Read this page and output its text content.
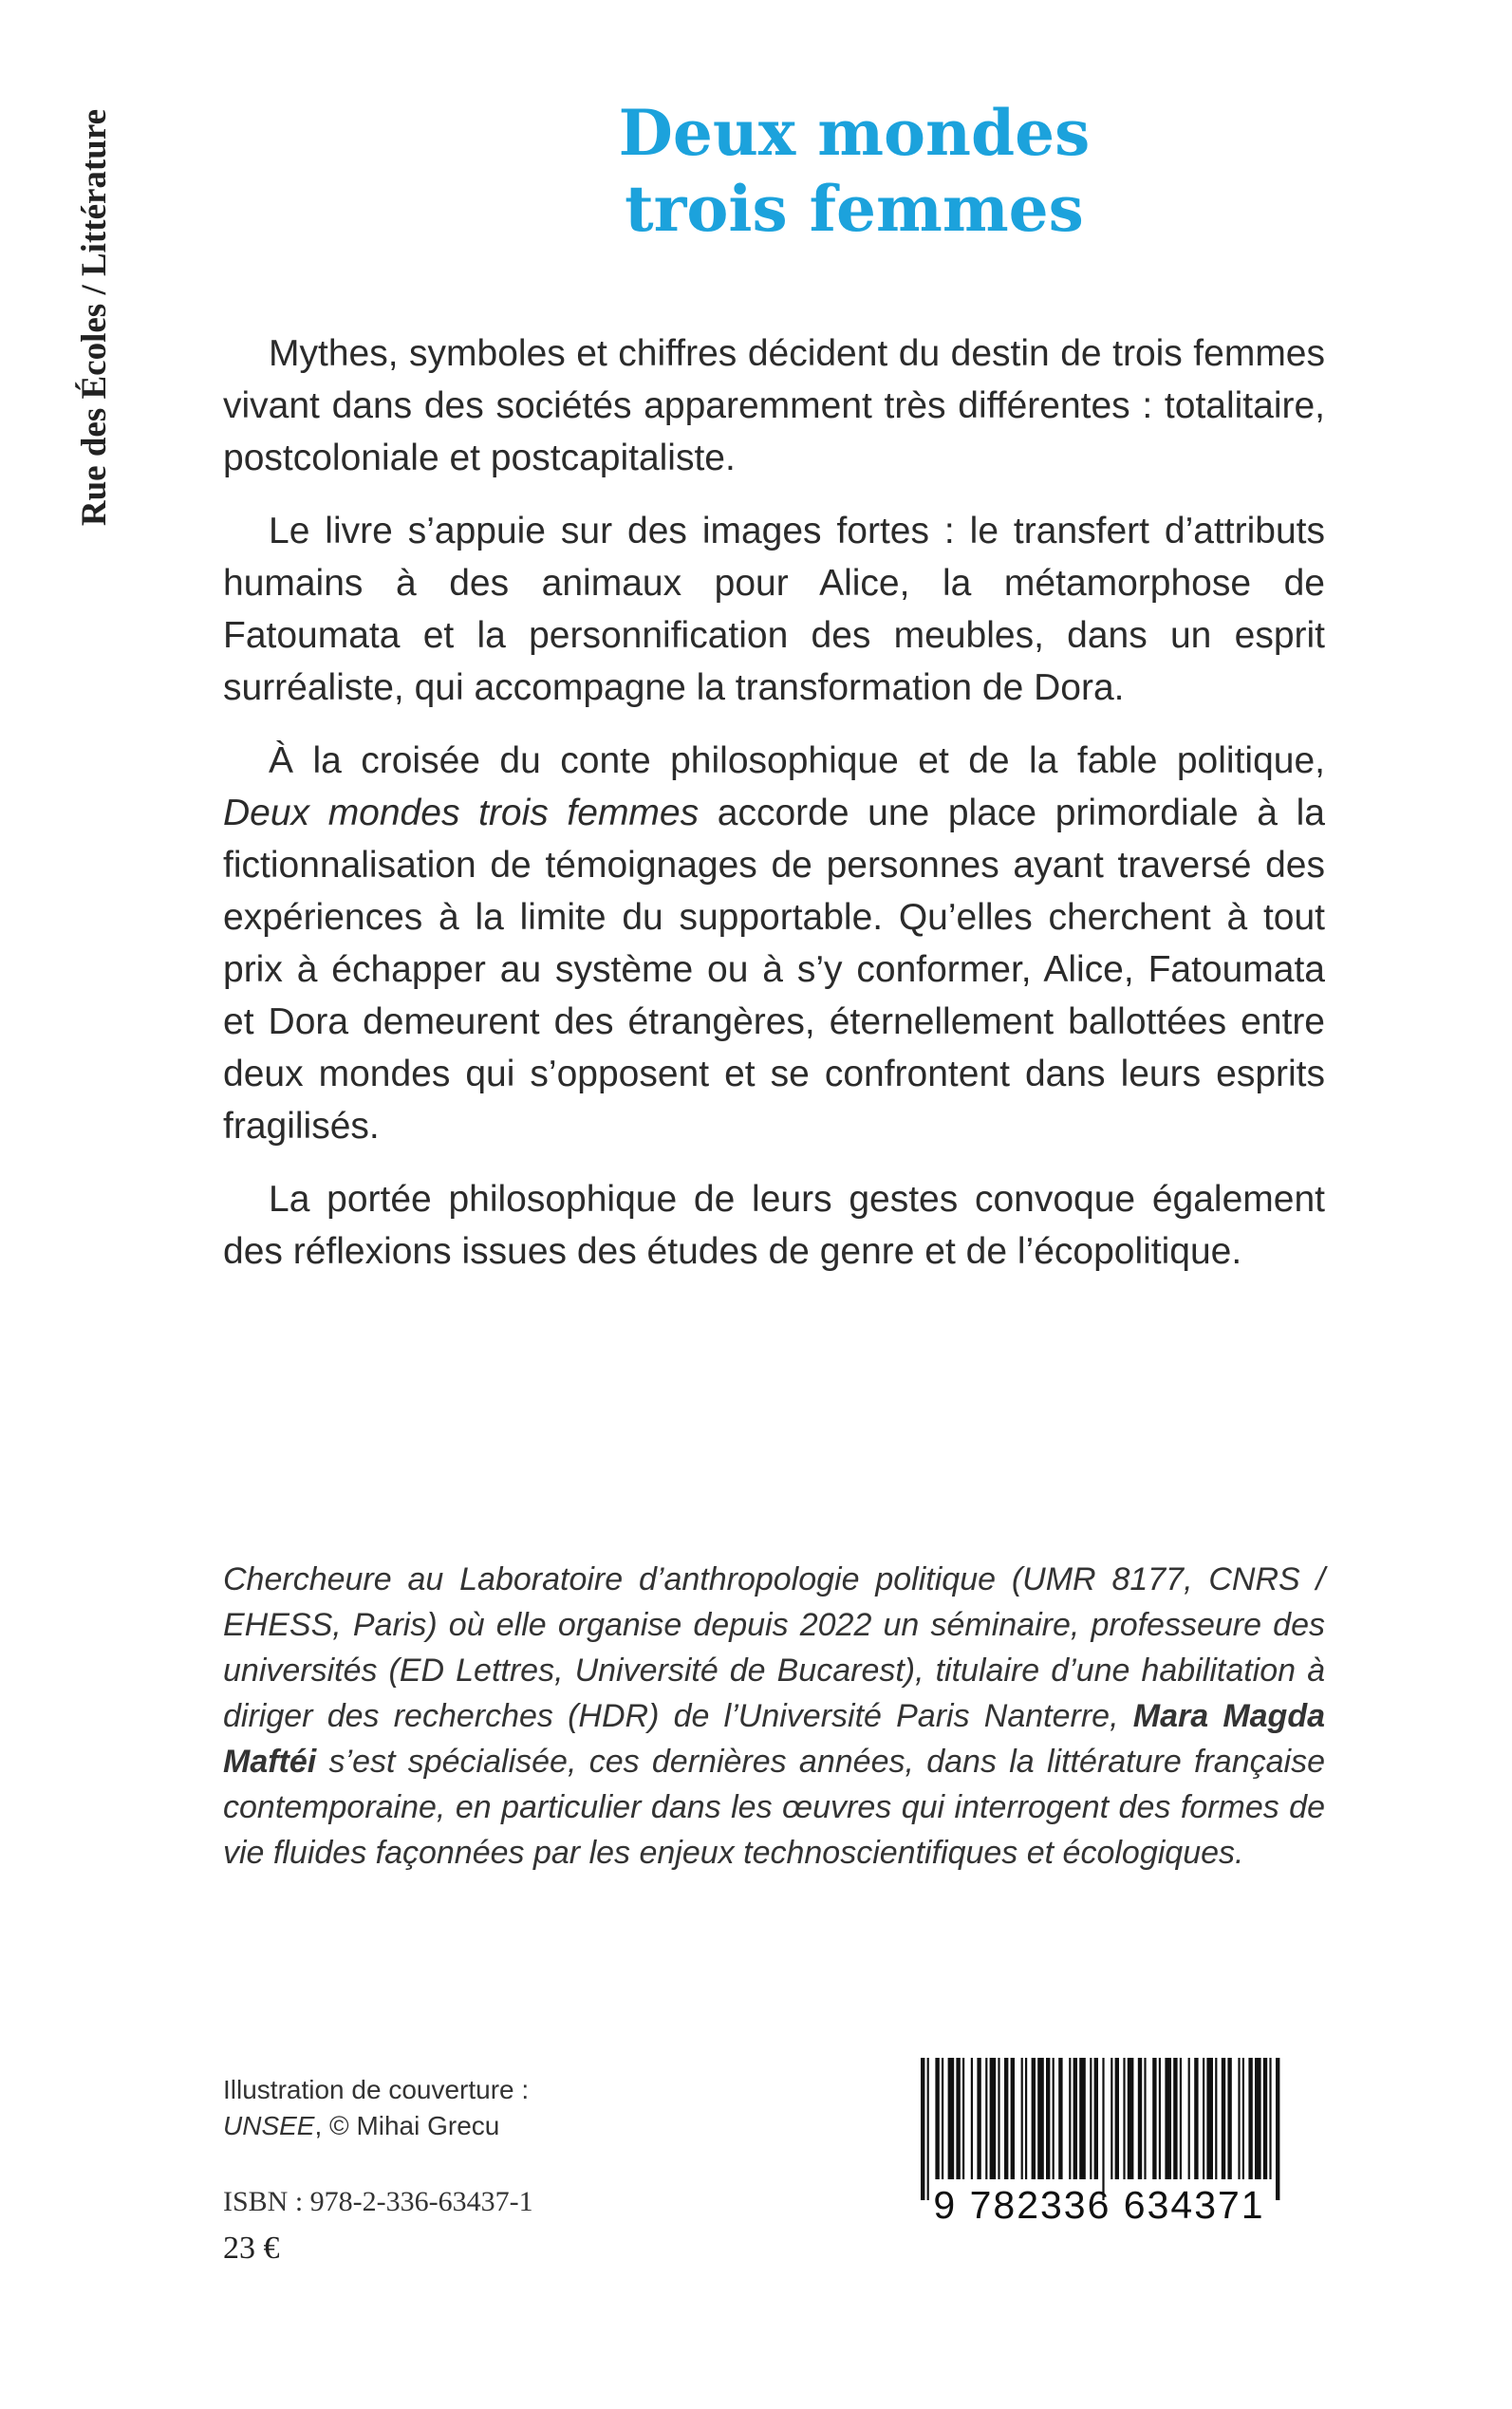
Rue des Écoles / Littérature	Deux mondes
trois femmes

Mythes, symboles et chiffres décident du destin de trois femmes vivant dans des sociétés apparemment très différentes : totalitaire, postcoloniale et postcapitaliste.

Le livre s’appuie sur des images fortes : le transfert d’attributs humains à des animaux pour Alice, la métamorphose de Fatoumata et la personnification des meubles, dans un esprit surréaliste, qui accompagne la transformation de Dora.

À la croisée du conte philosophique et de la fable politique, Deux mondes trois femmes accorde une place primordiale à la fictionnalisation de témoignages de personnes ayant traversé des expériences à la limite du supportable. Qu’elles cherchent à tout prix à échapper au système ou à s’y conformer, Alice, Fatoumata et Dora demeurent des étrangères, éternellement ballottées entre deux mondes qui s’opposent et se confrontent dans leurs esprits fragilisés.

La portée philosophique de leurs gestes convoque également des réflexions issues des études de genre et de l’écopolitique.

Chercheure au Laboratoire d’anthropologie politique (UMR 8177, CNRS / EHESS, Paris) où elle organise depuis 2022 un séminaire, professeure des universités (ED Lettres, Université de Bucarest), titulaire d’une habilitation à diriger des recherches (HDR) de l’Université Paris Nanterre, Mara Magda Maftéi s’est spécialisée, ces dernières années, dans la littérature française contemporaine, en particulier dans les œuvres qui interrogent des formes de vie fluides façonnées par les enjeux technoscientifiques et écologiques.

Illustration de couverture :
UNSEE, © Mihai Grecu
ISBN : 978-2-336-63437-1
23 €
9 782336 634371
